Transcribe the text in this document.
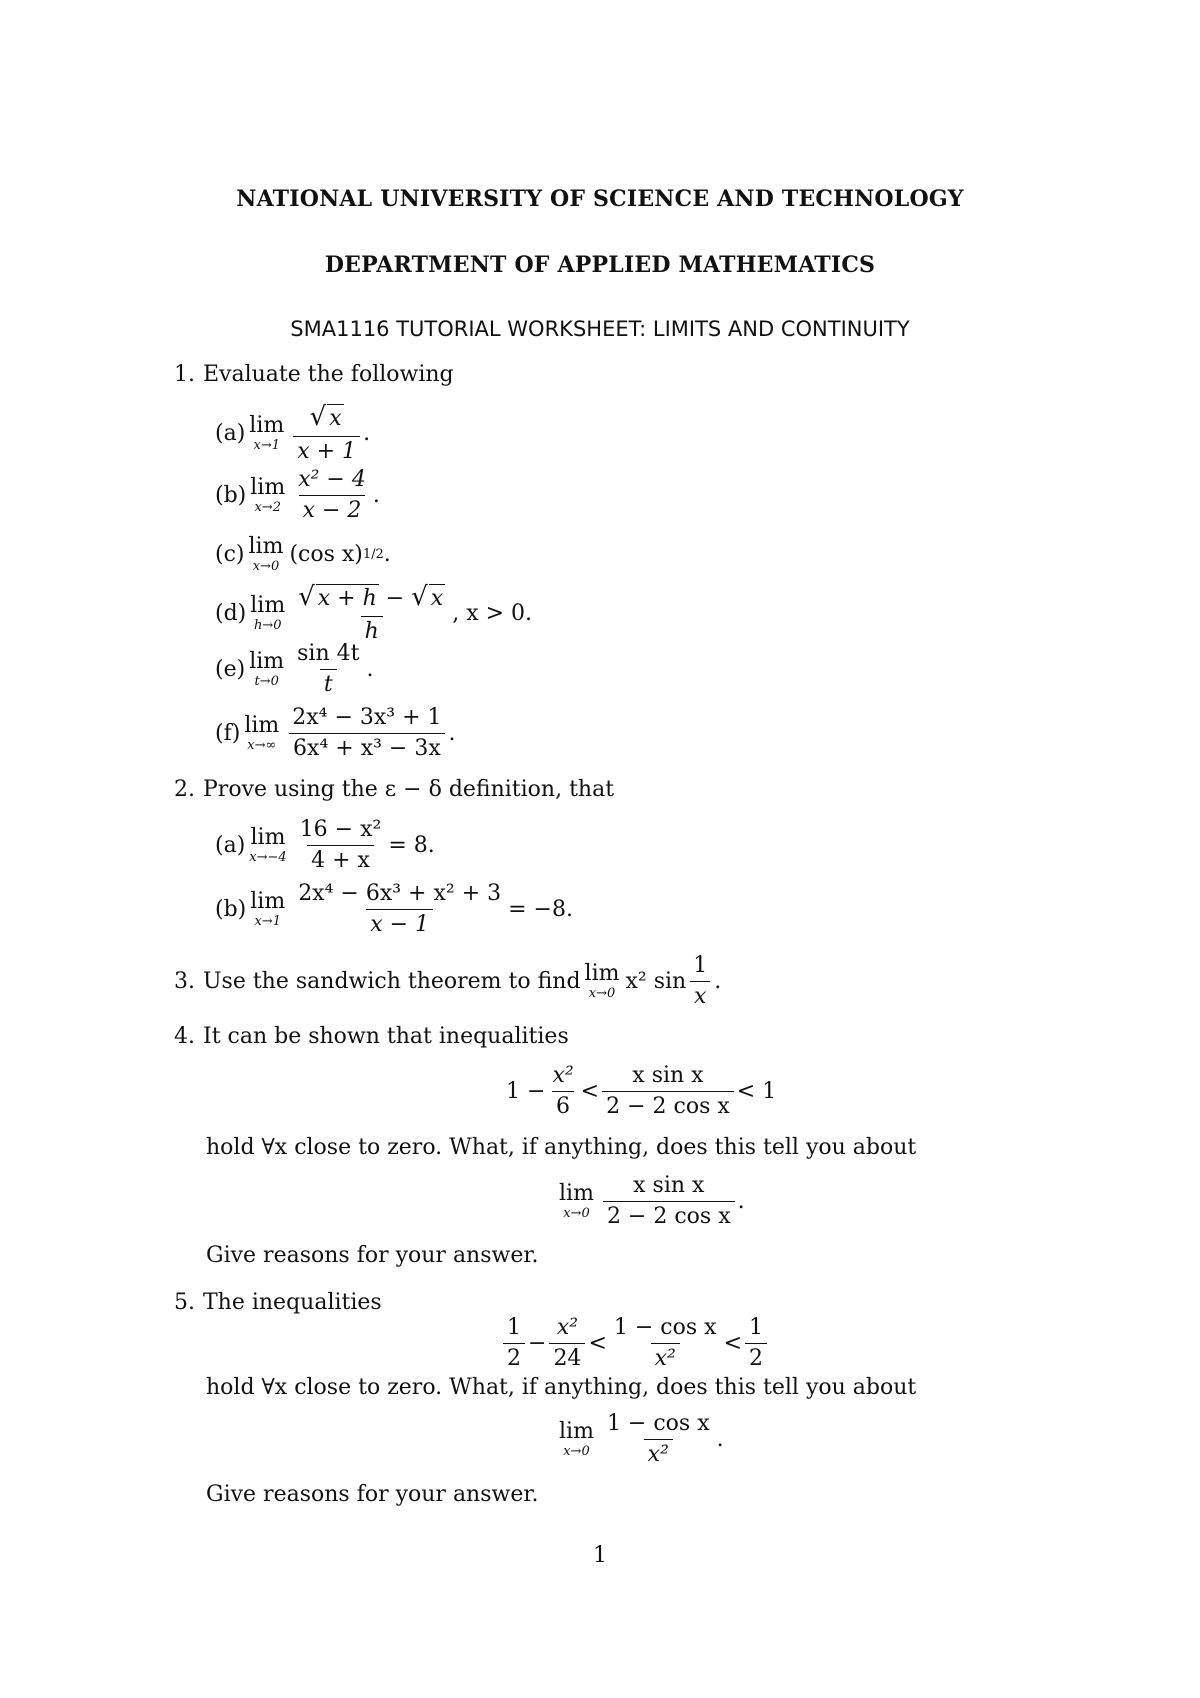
NATIONAL UNIVERSITY OF SCIENCE AND TECHNOLOGY
DEPARTMENT OF APPLIED MATHEMATICS
SMA1116 TUTORIAL WORKSHEET: LIMITS AND CONTINUITY
1. Evaluate the following
(a) lim
$x\to 1 \frac{√ x}{x + 1}$ .
(b) lim
$x\to 2 \frac{\text{x² − 4}}{x - 2}$ .
(c) lim
x→0 (cos x) 1/2 .
(d) lim
$h\to 0 \frac{√ x + h - √ x}{h}$ , x > 0.
(e) lim
$t\to 0 \frac{\sin 4t}{t}$ .
(f) lim
$x\to\infty \frac{\text{2x⁴ − 3x³ + 1}}{\text{6x⁴ + x³ − 3x}}$ .
2. Prove using the ε − δ definition, that
(a) lim
$x\to-4 \frac{\text{16 − x²}}{4 + x} = 8$.
(b) lim
$x\to 1 \frac{\text{2x⁴ − 6x³ + x² + 3}}{x - 1} = -8$.
3. Use the sandwich theorem to find lim
x→0 x² $\sin \frac{1}{x}$ .
4. It can be shown that inequalities
$1 - \frac{\text{x²}}{6} < \frac{\text{x sin x}}{\text{2 − 2 cos x}} < 1$
hold ∀x close to zero. What, if anything, does this tell you about
lim
$x\to 0 \frac{\text{x sin x}}{\text{2 − 2 cos x}}$ .
Give reasons for your answer.
5. The inequalities
$\frac{1}{2} - \frac{\text{x²}}{24} < \frac{\text{1 − cos x}}{\text{x²}} < \frac{1}{2}$
hold ∀x close to zero. What, if anything, does this tell you about
lim
$x\to 0 \frac{\text{1 − cos x}}{\text{x²}}$ .
Give reasons for your answer.
1
